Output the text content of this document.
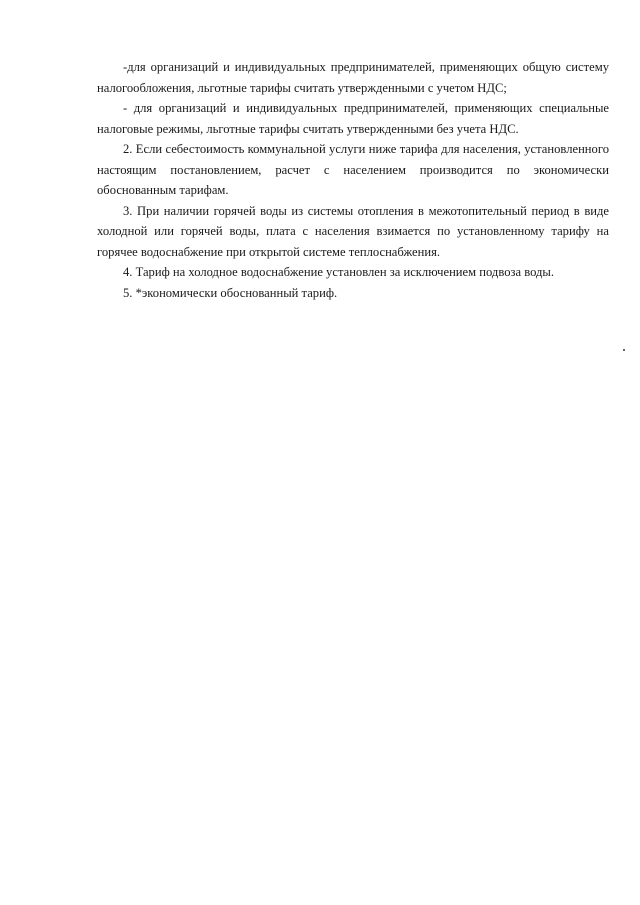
-для организаций и индивидуальных предпринимателей, применяющих общую систему налогообложения, льготные тарифы считать утвержденными с учетом НДС;

- для организаций и индивидуальных предпринимателей, применяющих специальные налоговые режимы, льготные тарифы считать утвержденными без учета НДС.

2. Если себестоимость коммунальной услуги ниже тарифа для населения, установленного настоящим постановлением, расчет с населением производится по экономически обоснованным тарифам.

3. При наличии горячей воды из системы отопления в межотопительный период в виде холодной или горячей воды, плата с населения взимается по установленному тарифу на горячее водоснабжение при открытой системе теплоснабжения.

4. Тариф на холодное водоснабжение установлен за исключением подвоза воды.

5. *экономически обоснованный тариф.
